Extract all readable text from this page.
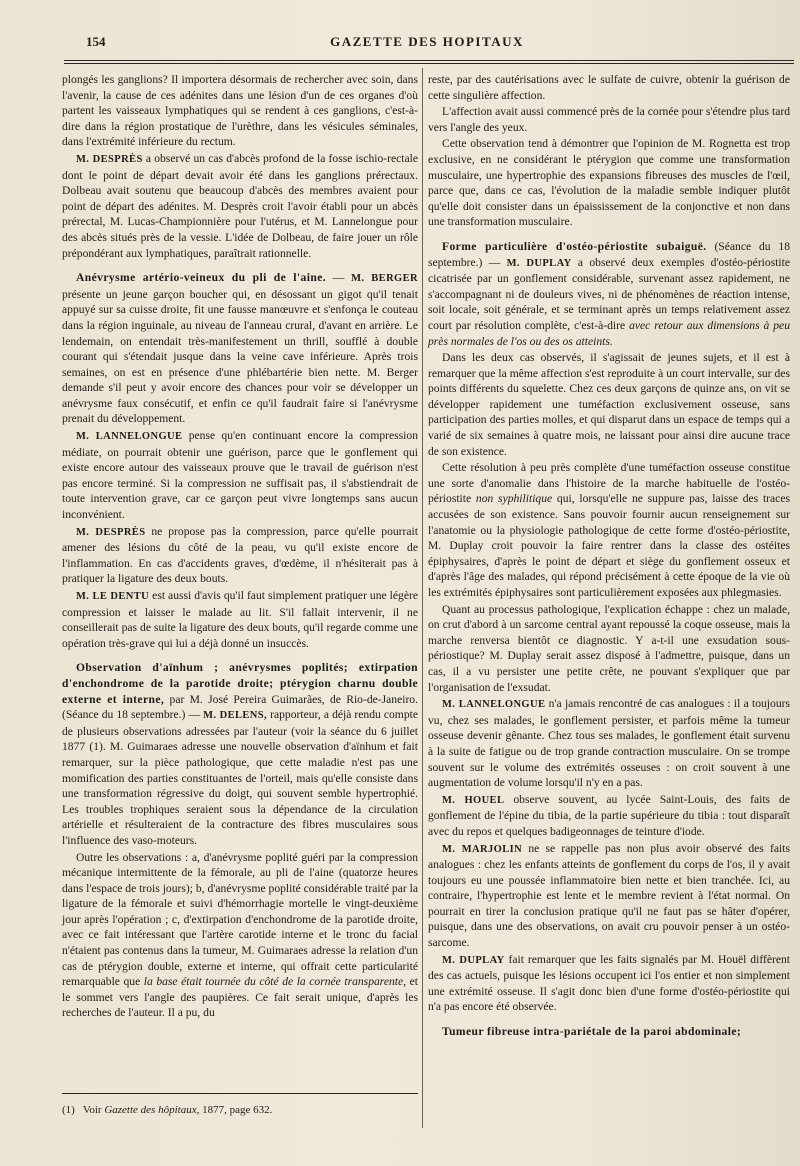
154	GAZETTE DES HOPITAUX

plongés les ganglions? Il importera désormais de rechercher avec soin, dans l'avenir, la cause de ces adénites dans une lésion d'un de ces organes d'où partent les vaisseaux lymphatiques qui se rendent à ces ganglions, c'est-à-dire dans la région prostatique de l'urèthre, dans les vésicules séminales, dans l'extrémité inférieure du rectum.

M. DESPRÈS a observé un cas d'abcès profond de la fosse ischio-rectale dont le point de départ devait avoir été dans les ganglions prérectaux. Dolbeau avait soutenu que beaucoup d'abcès des membres avaient pour point de départ des adénites. M. Desprès croit l'avoir établi pour un abcès prérectal, M. Lucas-Championnière pour l'utérus, et M. Lannelongue pour des abcès situés près de la vessie. L'idée de Dolbeau, de faire jouer un rôle prépondérant aux lymphatiques, paraîtrait rationnelle.

Anévrysme artério-veineux du pli de l'aine. — M. BERGER présente un jeune garçon boucher qui, en désossant un gigot qu'il tenait appuyé sur sa cuisse droite, fit une fausse manœuvre et s'enfonça le couteau dans la région inguinale, au niveau de l'anneau crural, d'avant en arrière. Le lendemain, on entendait très-manifestement un thrill, soufflé à double courant qui s'étendait jusque dans la veine cave inférieure. Après trois semaines, on est en présence d'une phlébartérie bien nette. M. Berger demande s'il peut y avoir encore des chances pour voir se développer un anévrysme faux consécutif, et enfin ce qu'il faudrait faire si l'anévrysme prenait du développement.

M. LANNELONGUE pense qu'en continuant encore la compression médiate, on pourrait obtenir une guérison, parce que le gonflement qui existe encore autour des vaisseaux prouve que le travail de guérison n'est pas encore terminé. Si la compression ne suffisait pas, il s'abstiendrait de toute intervention grave, car ce garçon peut vivre longtemps sans aucun inconvénient.

M. DESPRÈS ne propose pas la compression, parce qu'elle pourrait amener des lésions du côté de la peau, vu qu'il existe encore de l'inflammation. En cas d'accidents graves, d'œdème, il n'hésiterait pas à pratiquer la ligature des deux bouts.

M. LE DENTU est aussi d'avis qu'il faut simplement pratiquer une légère compression et laisser le malade au lit. S'il fallait intervenir, il ne conseillerait pas de suite la ligature des deux bouts, qu'il regarde comme une opération très-grave qui lui a déjà donné un insuccès.

Observation d'aïnhum ; anévrysmes poplités; extirpation d'enchondrome de la parotide droite; ptérygion charnu double externe et interne, par M. José Pereira Guimarães, de Rio-de-Janeiro. (Séance du 18 septembre.) — M. DELENS, rapporteur, a déjà rendu compte de plusieurs observations adressées par l'auteur (voir la séance du 6 juillet 1877 (1). M. Guimaraes adresse une nouvelle observation d'aïnhum et fait remarquer, sur la pièce pathologique, que cette maladie n'est pas une momification des parties constituantes de l'orteil, mais qu'elle consiste dans une transformation régressive du doigt, qui souvent semble hypertrophié. Les troubles trophiques seraient sous la dépendance de la circulation artérielle et résulteraient de la contracture des fibres musculaires sous l'influence des vaso-moteurs.

Outre les observations : a, d'anévrysme poplité guéri par la compression mécanique intermittente de la fémorale, au pli de l'aine (quatorze heures dans l'espace de trois jours); b, d'anévrysme poplité considérable traité par la ligature de la fémorale et suivi d'hémorrhagie mortelle le vingt-deuxième jour après l'opération ; c, d'extirpation d'enchondrome de la parotide droite, avec ce fait intéressant que l'artère carotide interne et le tronc du facial n'étaient pas contenus dans la tumeur, M. Guimaraes adresse la relation d'un cas de ptérygion double, externe et interne, qui offrait cette particularité remarquable que la base était tournée du côté de la cornée transparente, et le sommet vers l'angle des paupières. Ce fait serait unique, d'après les recherches de l'auteur. Il a pu, du

reste, par des cautérisations avec le sulfate de cuivre, obtenir la guérison de cette singulière affection.

L'affection avait aussi commencé près de la cornée pour s'étendre plus tard vers l'angle des yeux.

Cette observation tend à démontrer que l'opinion de M. Rognetta est trop exclusive, en ne considérant le ptérygion que comme une transformation musculaire, une hypertrophie des expansions fibreuses des muscles de l'œil, parce que, dans ce cas, l'évolution de la maladie semble indiquer plutôt qu'elle doit consister dans un épaississement de la conjonctive et non dans une transformation musculaire.

Forme particulière d'ostéo-périostite subaiguë. (Séance du 18 septembre.) — M. DUPLAY a observé deux exemples d'ostéo-périostite cicatrisée par un gonflement considérable, survenant assez rapidement, ne s'accompagnant ni de douleurs vives, ni de phénomènes de réaction intense, soit locale, soit générale, et se terminant après un temps relativement assez court par résolution complète, c'est-à-dire avec retour aux dimensions à peu près normales de l'os ou des os atteints.

Dans les deux cas observés, il s'agissait de jeunes sujets, et il est à remarquer que la même affection s'est reproduite à un court intervalle, sur des points différents du squelette. Chez ces deux garçons de quinze ans, on vit se développer rapidement une tuméfaction exclusivement osseuse, sans participation des parties molles, et qui disparut dans un espace de temps qui a varié de six semaines à quatre mois, ne laissant pour ainsi dire aucune trace de son existence.

Cette résolution à peu près complète d'une tuméfaction osseuse constitue une sorte d'anomalie dans l'histoire de la marche habituelle de l'ostéo-périostite non syphilitique qui, lorsqu'elle ne suppure pas, laisse des traces accusées de son existence. Sans pouvoir fournir aucun renseignement sur l'anatomie ou la physiologie pathologique de cette forme d'ostéo-périostite, M. Duplay croit pouvoir la faire rentrer dans la classe des ostéites épiphysaires, d'après le point de départ et siège du gonflement osseux et d'après l'âge des malades, qui répond précisément à cette époque de la vie où les extrémités épiphysaires sont particulièrement exposées aux phlegmasies.

Quant au processus pathologique, l'explication échappe : chez un malade, on crut d'abord à un sarcome central ayant repoussé la coque osseuse, mais la marche renversa bientôt ce diagnostic. Y a-t-il une exsudation sous-périostique? M. Duplay serait assez disposé à l'admettre, puisque, dans un cas, il a vu persister une petite crête, ne pouvant s'expliquer que par l'organisation de l'exsudat.

M. LANNELONGUE n'a jamais rencontré de cas analogues : il a toujours vu, chez ses malades, le gonflement persister, et parfois même la tumeur osseuse devenir gênante. Chez tous ses malades, le gonflement était survenu à la suite de fatigue ou de trop grande contraction musculaire. On se trompe souvent sur le volume des extrémités osseuses : on croit souvent à une augmentation de volume lorsqu'il n'y en a pas.

M. HOUEL observe souvent, au lycée Saint-Louis, des faits de gonflement de l'épine du tibia, de la partie supérieure du tibia : tout disparaît avec du repos et quelques badigeonnages de teinture d'iode.

M. MARJOLIN ne se rappelle pas non plus avoir observé des faits analogues : chez les enfants atteints de gonflement du corps de l'os, il y avait toujours eu une poussée inflammatoire bien nette et bien tranchée. Ici, au contraire, l'hypertrophie est lente et le membre revient à l'état normal. On pourrait en tirer la conclusion pratique qu'il ne faut pas se hâter d'opérer, puisque, dans une des observations, on avait cru pouvoir penser à un ostéo-sarcome.

M. DUPLAY fait remarquer que les faits signalés par M. Houël diffèrent des cas actuels, puisque les lésions occupent ici l'os entier et non simplement une extrémité osseuse. Il s'agit donc bien d'une forme d'ostéo-périostite qui n'a pas encore été observée.

Tumeur fibreuse intra-pariétale de la paroi abdominale;

(1) Voir Gazette des hôpitaux, 1877, page 632.
